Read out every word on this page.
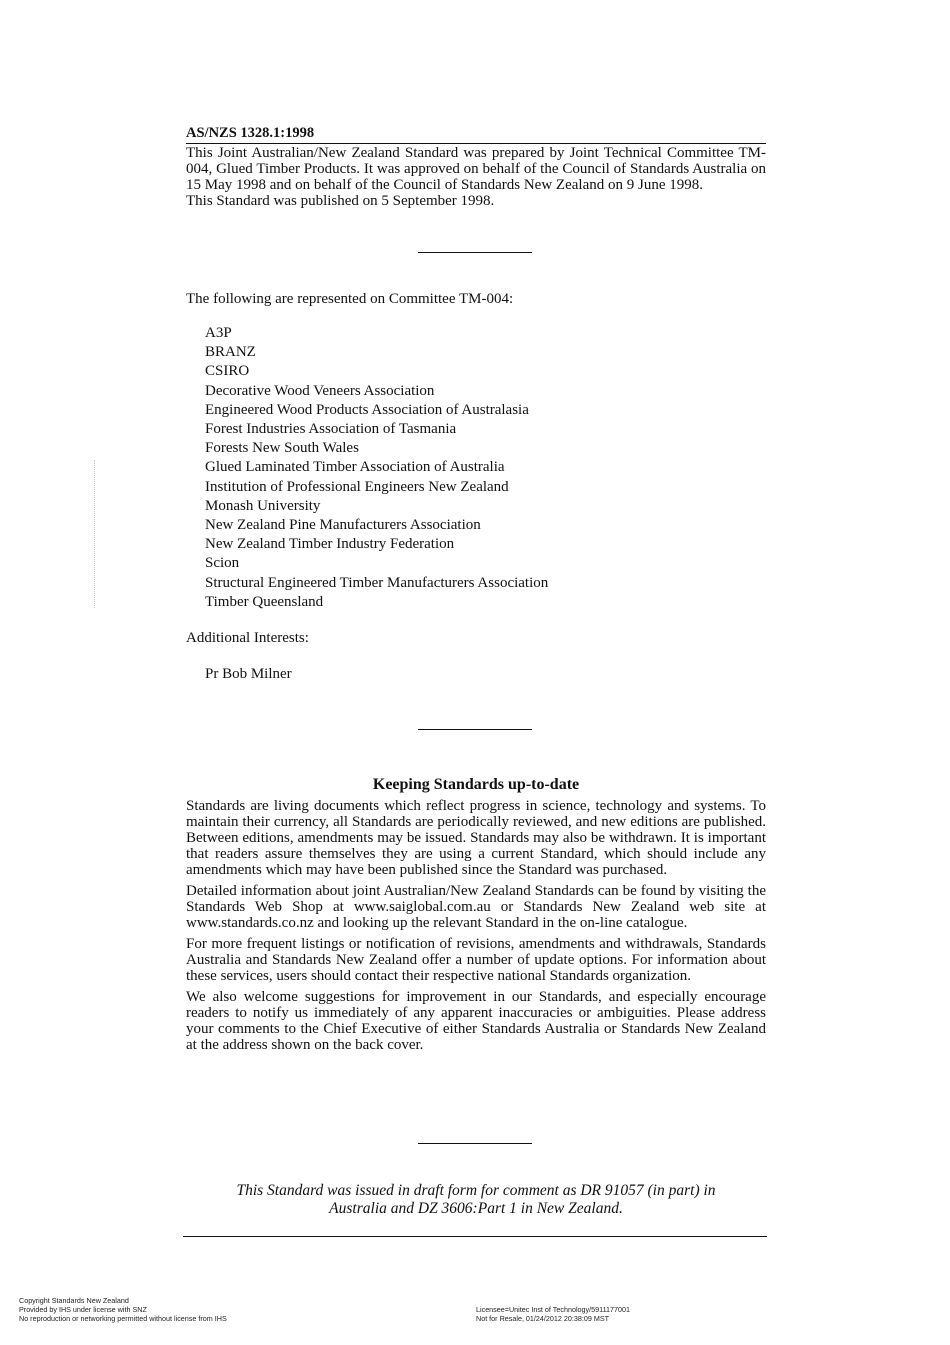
AS/NZS 1328.1:1998

This Joint Australian/New Zealand Standard was prepared by Joint Technical Committee TM-004, Glued Timber Products. It was approved on behalf of the Council of Standards Australia on 15 May 1998 and on behalf of the Council of Standards New Zealand on 9 June 1998.

This Standard was published on 5 September 1998.

The following are represented on Committee TM-004:
A3P
BRANZ
CSIRO
Decorative Wood Veneers Association
Engineered Wood Products Association of Australasia
Forest Industries Association of Tasmania
Forests New South Wales
Glued Laminated Timber Association of Australia
Institution of Professional Engineers New Zealand
Monash University
New Zealand Pine Manufacturers Association
New Zealand Timber Industry Federation
Scion
Structural Engineered Timber Manufacturers Association
Timber Queensland
Additional Interests:
Pr Bob Milner
Keeping Standards up-to-date

Standards are living documents which reflect progress in science, technology and systems. To maintain their currency, all Standards are periodically reviewed, and new editions are published. Between editions, amendments may be issued. Standards may also be withdrawn. It is important that readers assure themselves they are using a current Standard, which should include any amendments which may have been published since the Standard was purchased.

Detailed information about joint Australian/New Zealand Standards can be found by visiting the Standards Web Shop at www.saiglobal.com.au or Standards New Zealand web site at www.standards.co.nz and looking up the relevant Standard in the on-line catalogue.

For more frequent listings or notification of revisions, amendments and withdrawals, Standards Australia and Standards New Zealand offer a number of update options. For information about these services, users should contact their respective national Standards organization.

We also welcome suggestions for improvement in our Standards, and especially encourage readers to notify us immediately of any apparent inaccuracies or ambiguities. Please address your comments to the Chief Executive of either Standards Australia or Standards New Zealand at the address shown on the back cover.

This Standard was issued in draft form for comment as DR 91057 (in part) in
Australia and DZ 3606:Part 1 in New Zealand.
Copyright Standards New Zealand
Provided by IHS under license with SNZ
No reproduction or networking permitted without license from IHS
Licensee=Unitec Inst of Technology/5911177001
Not for Resale, 01/24/2012 20:38:09 MST
